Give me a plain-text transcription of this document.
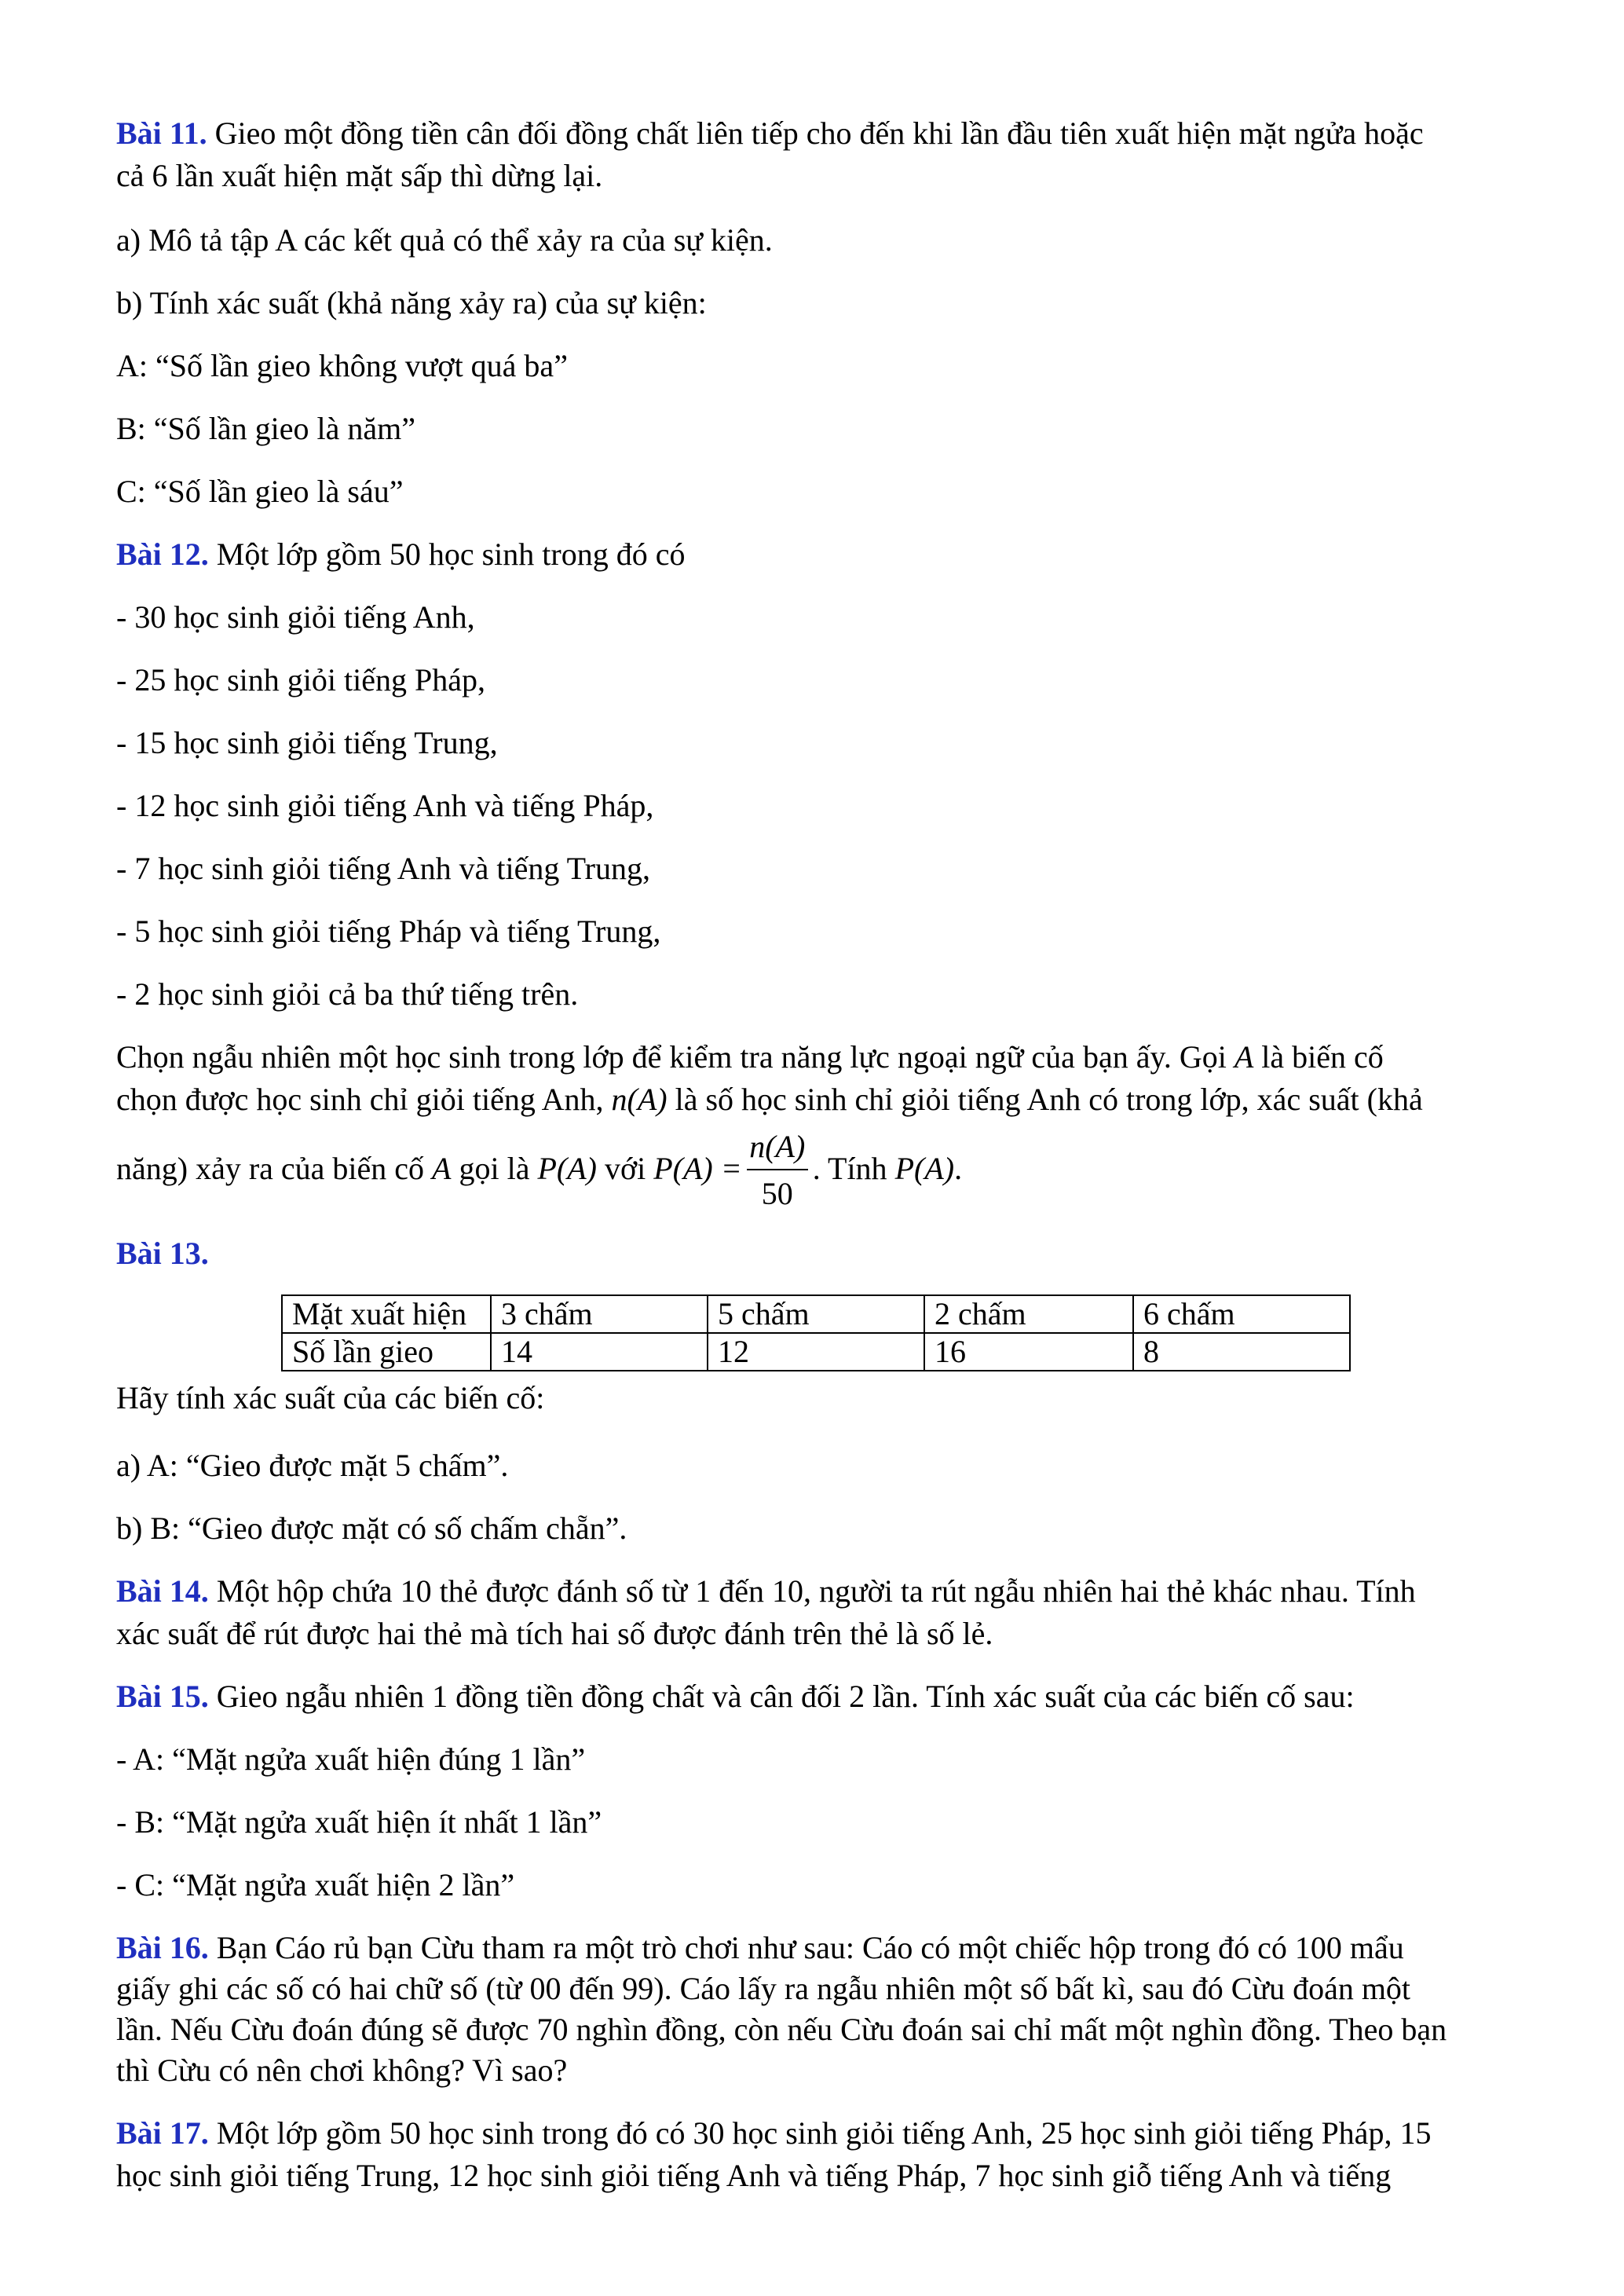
Bài 11. Gieo một đồng tiền cân đối đồng chất liên tiếp cho đến khi lần đầu tiên xuất hiện mặt ngửa hoặc
cả 6 lần xuất hiện mặt sấp thì dừng lại.
a) Mô tả tập A các kết quả có thể xảy ra của sự kiện.
b) Tính xác suất (khả năng xảy ra) của sự kiện:
A: “Số lần gieo không vượt quá ba”
B: “Số lần gieo là năm”
C: “Số lần gieo là sáu”
Bài 12. Một lớp gồm 50 học sinh trong đó có
- 30 học sinh giỏi tiếng Anh,
- 25 học sinh giỏi tiếng Pháp,
- 15 học sinh giỏi tiếng Trung,
- 12 học sinh giỏi tiếng Anh và tiếng Pháp,
- 7 học sinh giỏi tiếng Anh và tiếng Trung,
- 5 học sinh giỏi tiếng Pháp và tiếng Trung,
- 2 học sinh giỏi cả ba thứ tiếng trên.
Chọn ngẫu nhiên một học sinh trong lớp để kiểm tra năng lực ngoại ngữ của bạn ấy. Gọi A là biến cố
chọn được học sinh chỉ giỏi tiếng Anh, n(A) là số học sinh chỉ giỏi tiếng Anh có trong lớp, xác suất (khả
năng) xảy ra của biến cố A gọi là P(A) với $P(A) = \frac{n(A)}{50}$ . Tính P(A).
Bài 13.
Mặt xuất hiện	3 chấm	5 chấm	2 chấm	6 chấm
Số lần gieo	14	12	16	8
Hãy tính xác suất của các biến cố:
a) A: “Gieo được mặt 5 chấm”.
b) B: “Gieo được mặt có số chấm chẵn”.
Bài 14. Một hộp chứa 10 thẻ được đánh số từ 1 đến 10, người ta rút ngẫu nhiên hai thẻ khác nhau. Tính
xác suất để rút được hai thẻ mà tích hai số được đánh trên thẻ là số lẻ.
Bài 15. Gieo ngẫu nhiên 1 đồng tiền đồng chất và cân đối 2 lần. Tính xác suất của các biến cố sau:
- A: “Mặt ngửa xuất hiện đúng 1 lần”
- B: “Mặt ngửa xuất hiện ít nhất 1 lần”
- C: “Mặt ngửa xuất hiện 2 lần”
Bài 16. Bạn Cáo rủ bạn Cừu tham ra một trò chơi như sau: Cáo có một chiếc hộp trong đó có 100 mẩu
giấy ghi các số có hai chữ số (từ 00 đến 99). Cáo lấy ra ngẫu nhiên một số bất kì, sau đó Cừu đoán một
lần. Nếu Cừu đoán đúng sẽ được 70 nghìn đồng, còn nếu Cừu đoán sai chỉ mất một nghìn đồng. Theo bạn
thì Cừu có nên chơi không? Vì sao?
Bài 17. Một lớp gồm 50 học sinh trong đó có 30 học sinh giỏi tiếng Anh, 25 học sinh giỏi tiếng Pháp, 15
học sinh giỏi tiếng Trung, 12 học sinh giỏi tiếng Anh và tiếng Pháp, 7 học sinh giỗ tiếng Anh và tiếng
